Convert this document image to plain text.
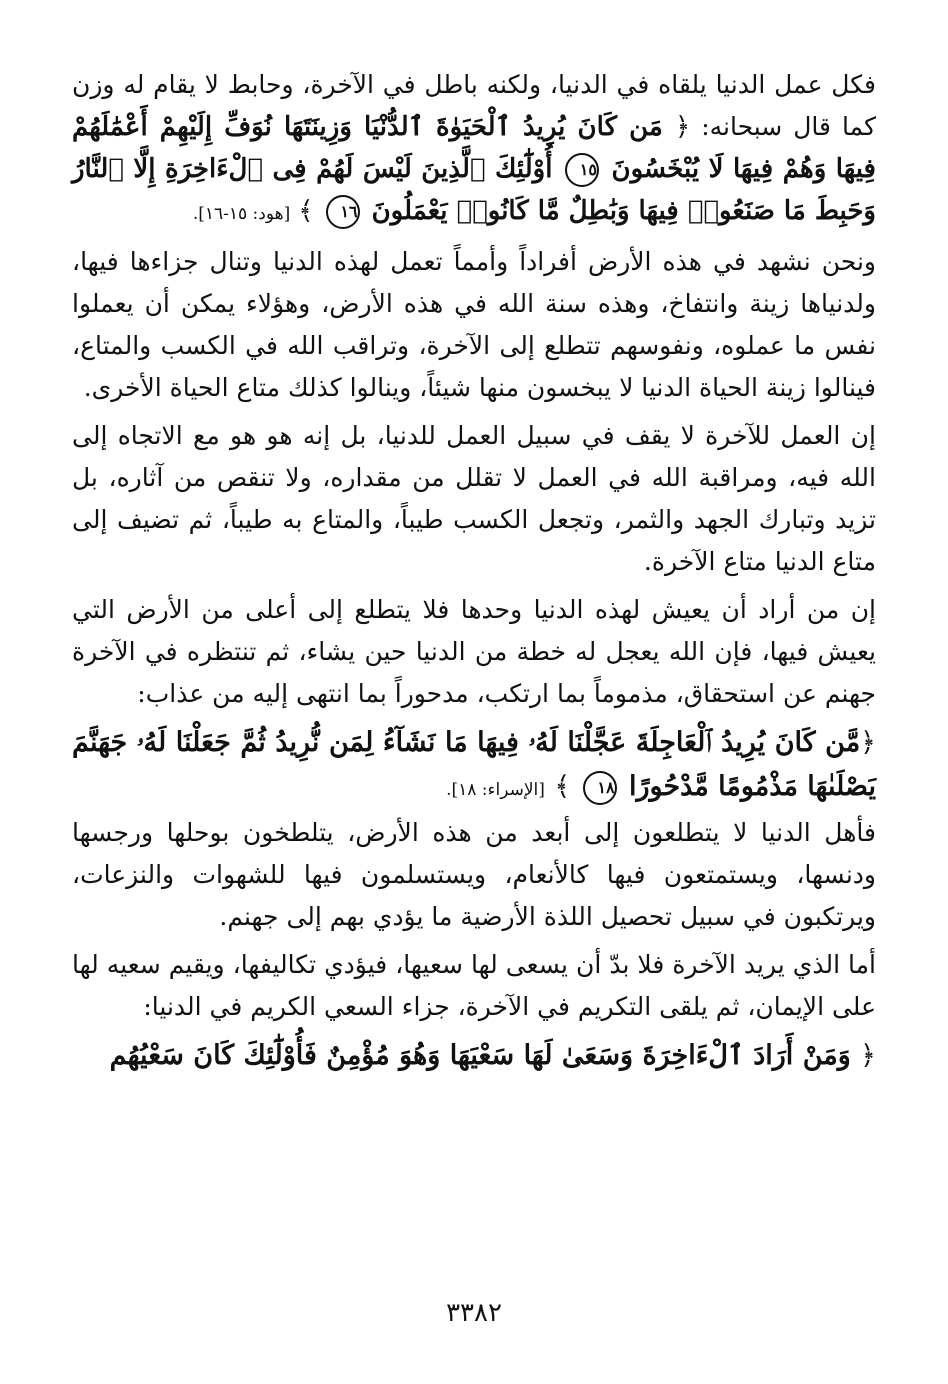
فكل عمل الدنيا يلقاه في الدنيا، ولكنه باطل في الآخرة، وحابط لا يقام له وزن كما قال سبحانه: ﴿ مَن كَانَ يُرِيدُ ٱلْحَيَوٰةَ ٱلدُّنْيَا وَزِينَتَهَا نُوَفِّ إِلَيْهِمْ أَعْمَٰلَهُمْ فِيهَا وَهُمْ فِيهَا لَا يُبْخَسُونَ ١٥ أُوْلَٰٓئِكَ ٱلَّذِينَ لَيْسَ لَهُمْ فِى ٱلْءَاخِرَةِ إِلَّا ٱلنَّارُ وَحَبِطَ مَا صَنَعُوا۟ فِيهَا وَبَٰطِلٌ مَّا كَانُوا۟ يَعْمَلُونَ ١٦ ﴾ [هود: ١٥-١٦].

ونحن نشهد في هذه الأرض أفراداً وأمماً تعمل لهذه الدنيا وتنال جزاءها فيها، ولدنياها زينة وانتفاخ، وهذه سنة الله في هذه الأرض، وهؤلاء يمكن أن يعملوا نفس ما عملوه، ونفوسهم تتطلع إلى الآخرة، وتراقب الله في الكسب والمتاع، فينالوا زينة الحياة الدنيا لا يبخسون منها شيئاً، وينالوا كذلك متاع الحياة الأخرى.

إن العمل للآخرة لا يقف في سبيل العمل للدنيا، بل إنه هو هو مع الاتجاه إلى الله فيه، ومراقبة الله في العمل لا تقلل من مقداره، ولا تنقص من آثاره، بل تزيد وتبارك الجهد والثمر، وتجعل الكسب طيباً، والمتاع به طيباً، ثم تضيف إلى متاع الدنيا متاع الآخرة.

إن من أراد أن يعيش لهذه الدنيا وحدها فلا يتطلع إلى أعلى من الأرض التي يعيش فيها، فإن الله يعجل له خطة من الدنيا حين يشاء، ثم تنتظره في الآخرة جهنم عن استحقاق، مذموماً بما ارتكب، مدحوراً بما انتهى إليه من عذاب:

﴿مَّن كَانَ يُرِيدُ ٱلْعَاجِلَةَ عَجَّلْنَا لَهُۥ فِيهَا مَا نَشَآءُ لِمَن نُّرِيدُ ثُمَّ جَعَلْنَا لَهُۥ جَهَنَّمَ يَصْلَىٰهَا مَذْمُومًا مَّدْحُورًا ١٨ ﴾ [الإسراء: ١٨].

فأهل الدنيا لا يتطلعون إلى أبعد من هذه الأرض، يتلطخون بوحلها ورجسها ودنسها، ويستمتعون فيها كالأنعام، ويستسلمون فيها للشهوات والنزعات، ويرتكبون في سبيل تحصيل اللذة الأرضية ما يؤدي بهم إلى جهنم.

أما الذي يريد الآخرة فلا بدّ أن يسعى لها سعيها، فيؤدي تكاليفها، ويقيم سعيه لها على الإيمان، ثم يلقى التكريم في الآخرة، جزاء السعي الكريم في الدنيا:

﴿ وَمَنْ أَرَادَ ٱلْءَاخِرَةَ وَسَعَىٰ لَهَا سَعْيَهَا وَهُوَ مُؤْمِنٌ فَأُوْلَٰٓئِكَ كَانَ سَعْيُهُم

٣٣٨٢
